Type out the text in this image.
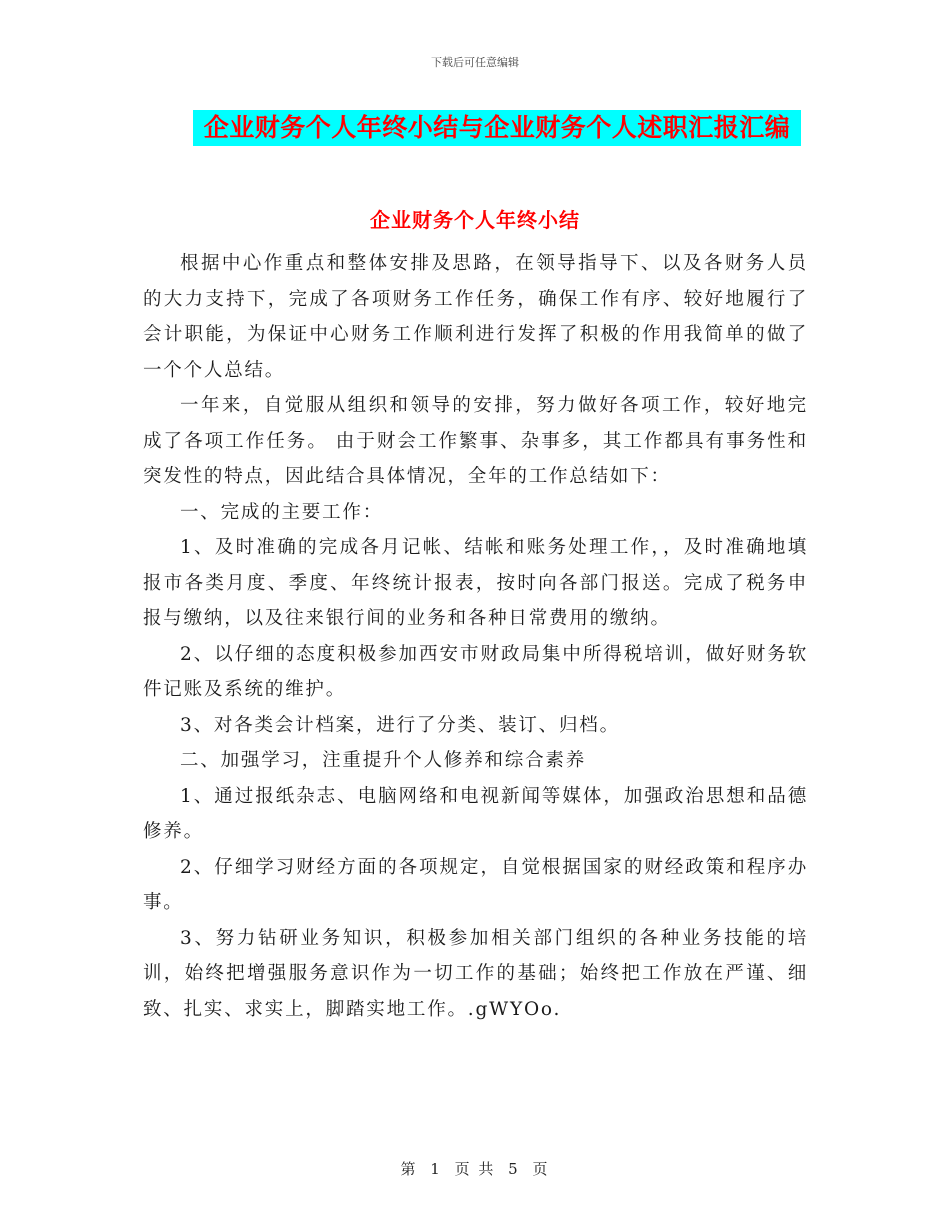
下载后可任意编辑
企业财务个人年终小结与企业财务个人述职汇报汇编
企业财务个人年终小结

根据中心作重点和整体安排及思路，在领导指导下、以及各财务人员的大力支持下，完成了各项财务工作任务，确保工作有序、较好地履行了会计职能，为保证中心财务工作顺利进行发挥了积极的作用我简单的做了一个个人总结。

一年来，自觉服从组织和领导的安排，努力做好各项工作，较好地完成了各项工作任务。 由于财会工作繁事、杂事多，其工作都具有事务性和突发性的特点，因此结合具体情况，全年的工作总结如下：

一、完成的主要工作：

1、及时准确的完成各月记帐、结帐和账务处理工作，，及时准确地填报市各类月度、季度、年终统计报表，按时向各部门报送。完成了税务申报与缴纳，以及往来银行间的业务和各种日常费用的缴纳。

2、以仔细的态度积极参加西安市财政局集中所得税培训，做好财务软件记账及系统的维护。

3、对各类会计档案，进行了分类、装订、归档。

二、加强学习，注重提升个人修养和综合素养

1、通过报纸杂志、电脑网络和电视新闻等媒体，加强政治思想和品德修养。

2、仔细学习财经方面的各项规定，自觉根据国家的财经政策和程序办事。

3、努力钻研业务知识，积极参加相关部门组织的各种业务技能的培训，始终把增强服务意识作为一切工作的基础；始终把工作放在严谨、细致、扎实、求实上，脚踏实地工作。.gWYOo.

第 1 页 共 5 页
